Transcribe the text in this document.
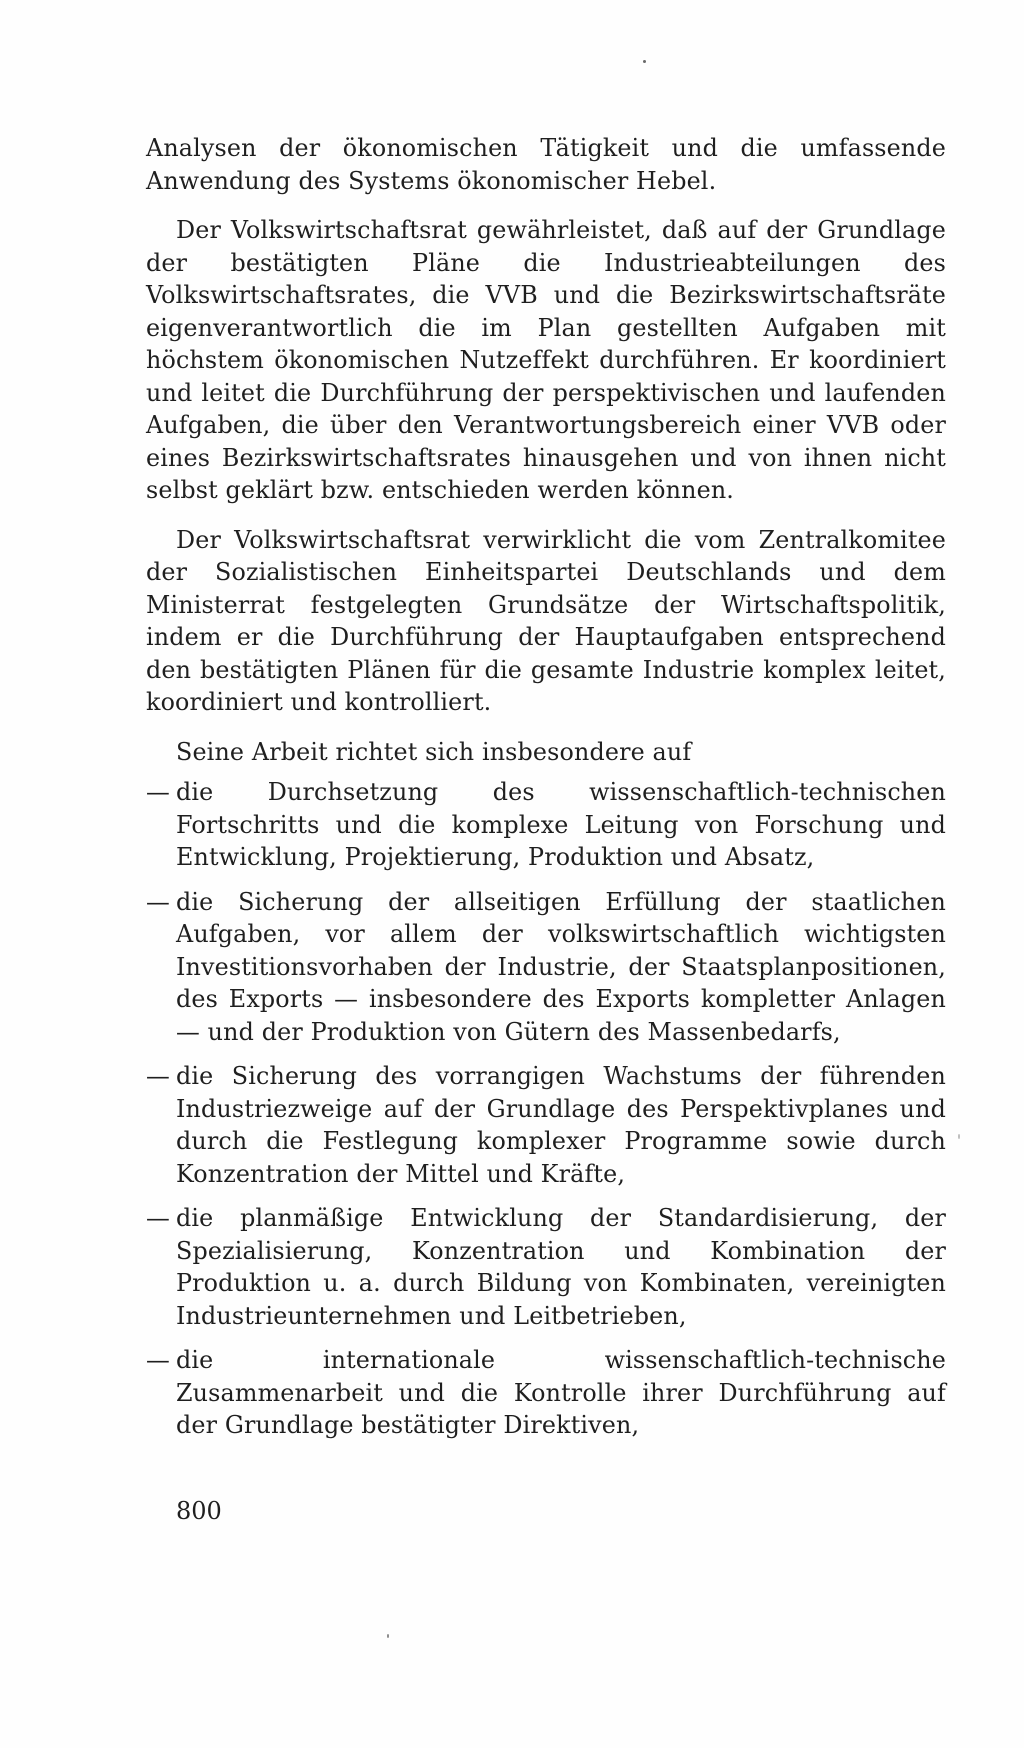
Analysen der ökonomischen Tätigkeit und die umfassende Anwendung des Systems ökonomischer Hebel.

Der Volkswirtschaftsrat gewährleistet, daß auf der Grundlage der bestätigten Pläne die Industrieabteilungen des Volkswirtschaftsrates, die VVB und die Bezirkswirtschaftsräte eigenverantwortlich die im Plan gestellten Aufgaben mit höchstem ökonomischen Nutzeffekt durchführen. Er koordiniert und leitet die Durchführung der perspektivischen und laufenden Aufgaben, die über den Verantwortungsbereich einer VVB oder eines Bezirkswirtschaftsrates hinausgehen und von ihnen nicht selbst geklärt bzw. entschieden werden können.

Der Volkswirtschaftsrat verwirklicht die vom Zentralkomitee der Sozialistischen Einheitspartei Deutschlands und dem Ministerrat festgelegten Grundsätze der Wirtschaftspolitik, indem er die Durchführung der Hauptaufgaben entsprechend den bestätigten Plänen für die gesamte Industrie komplex leitet, koordiniert und kontrolliert.

Seine Arbeit richtet sich insbesondere auf

— die Durchsetzung des wissenschaftlich-technischen Fortschritts und die komplexe Leitung von Forschung und Entwicklung, Projektierung, Produktion und Absatz,
— die Sicherung der allseitigen Erfüllung der staatlichen Aufgaben, vor allem der volkswirtschaftlich wichtigsten Investitionsvorhaben der Industrie, der Staatsplanpositionen, des Exports — insbesondere des Exports kompletter Anlagen — und der Produktion von Gütern des Massenbedarfs,
— die Sicherung des vorrangigen Wachstums der führenden Industriezweige auf der Grundlage des Perspektivplanes und durch die Festlegung komplexer Programme sowie durch Konzentration der Mittel und Kräfte,
— die planmäßige Entwicklung der Standardisierung, der Spezialisierung, Konzentration und Kombination der Produktion u. a. durch Bildung von Kombinaten, vereinigten Industrieunternehmen und Leitbetrieben,
— die internationale wissenschaftlich-technische Zusammenarbeit und die Kontrolle ihrer Durchführung auf der Grundlage bestätigter Direktiven,
800
